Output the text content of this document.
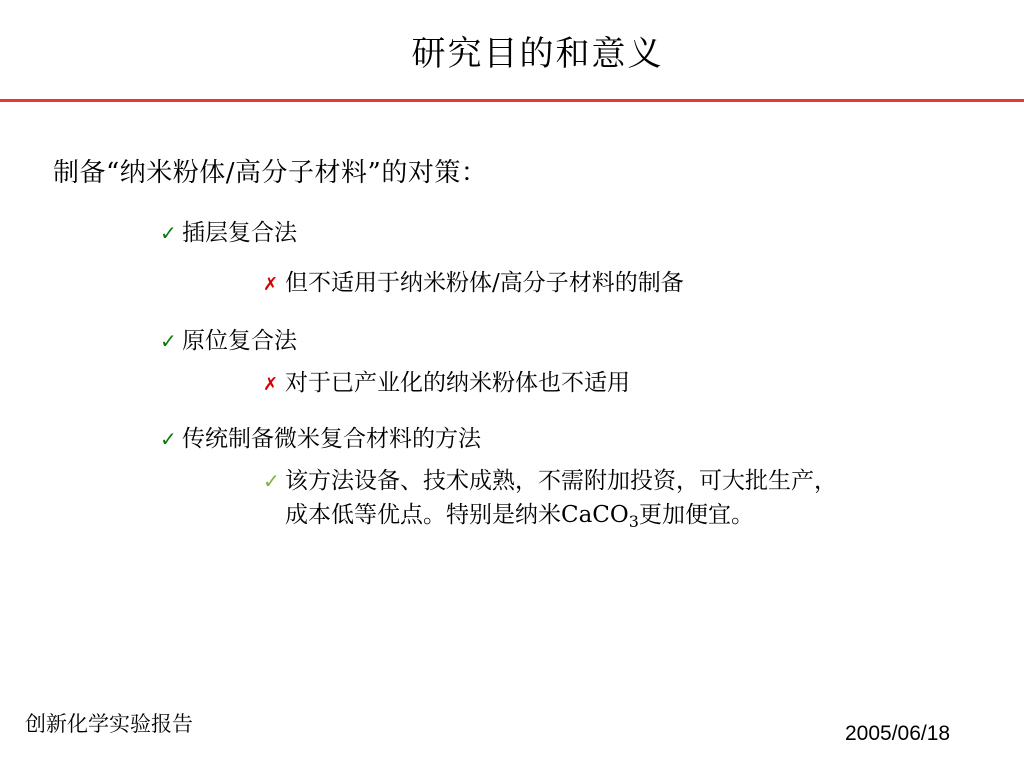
研究目的和意义
制备“纳米粉体/高分子材料”的对策：
✓ 插层复合法
✗ 但不适用于纳米粉体/高分子材料的制备
✓ 原位复合法
✗ 对于已产业化的纳米粉体也不适用
✓ 传统制备微米复合材料的方法
✓ 该方法设备、技术成熟，不需附加投资，可大批生产，
成本低等优点。特别是纳米CaCO$_3$更加便宜。
创新化学实验报告	2005/06/18
